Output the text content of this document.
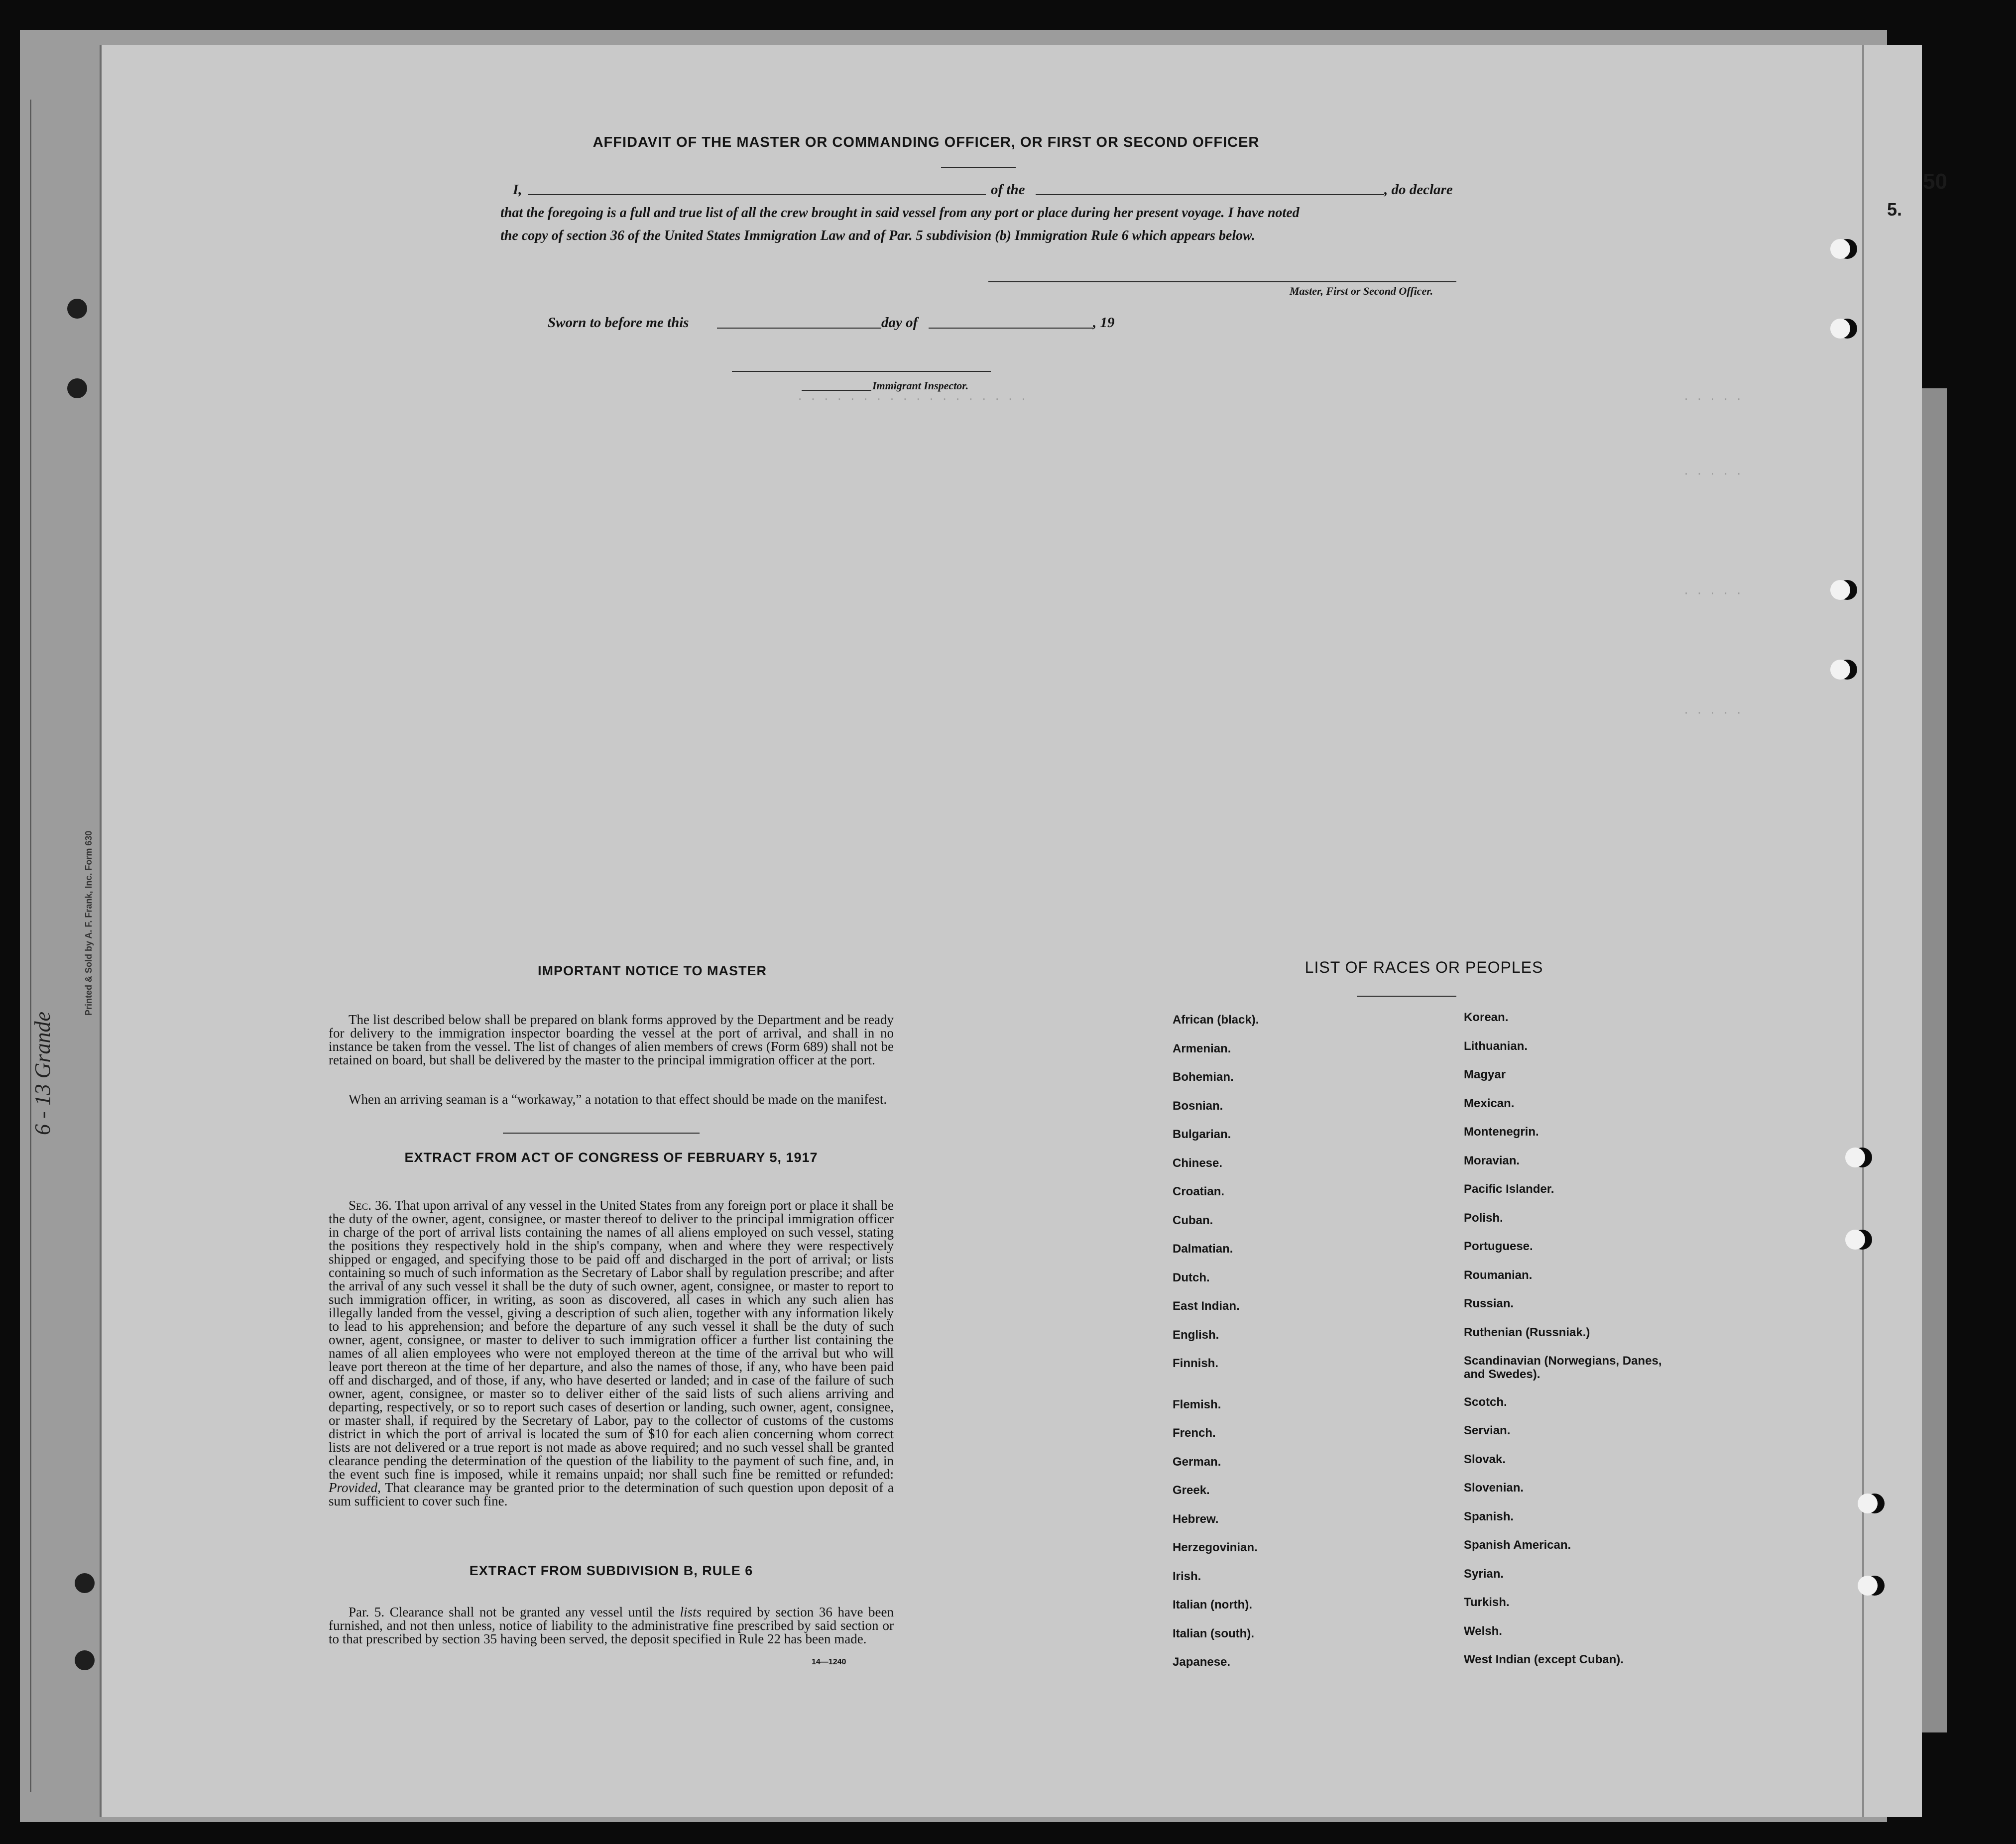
50
5.
6 - 13 Grande
Printed & Sold by A. F. Frank, Inc. Form 630
· · · · · · · · · · · · · · · · · ·	· · · · ·
· · · · ·
· · · · ·
· · · · ·
AFFIDAVIT OF THE MASTER OR COMMANDING OFFICER, OR FIRST OR SECOND OFFICER
I,	of the	, do declare
that the foregoing is a full and true list of all the crew brought in said vessel from any port or place during her present voyage. I have noted
the copy of section 36 of the United States Immigration Law and of Par. 5 subdivision (b) Immigration Rule 6 which appears below.
Master, First or Second Officer.
Sworn to before me this	day of	, 19
Immigrant Inspector.
IMPORTANT NOTICE TO MASTER
The list described below shall be prepared on blank forms approved by the Department and be ready for delivery to the immigration inspector boarding the vessel at the port of arrival, and shall in no instance be taken from the vessel. The list of changes of alien members of crews (Form 689) shall not be retained on board, but shall be delivered by the master to the principal immigration officer at the port.
When an arriving seaman is a “workaway,” a notation to that effect should be made on the manifest.
EXTRACT FROM ACT OF CONGRESS OF FEBRUARY 5, 1917
Sec. 36. That upon arrival of any vessel in the United States from any foreign port or place it shall be the duty of the owner, agent, consignee, or master thereof to deliver to the principal immigration officer in charge of the port of arrival lists containing the names of all aliens employed on such vessel, stating the positions they respectively hold in the ship's company, when and where they were respectively shipped or engaged, and specifying those to be paid off and discharged in the port of arrival; or lists containing so much of such information as the Secretary of Labor shall by regulation prescribe; and after the arrival of any such vessel it shall be the duty of such owner, agent, consignee, or master to report to such immigration officer, in writing, as soon as discovered, all cases in which any such alien has illegally landed from the vessel, giving a description of such alien, together with any information likely to lead to his apprehension; and before the departure of any such vessel it shall be the duty of such owner, agent, consignee, or master to deliver to such immigration officer a further list containing the names of all alien employees who were not employed thereon at the time of the arrival but who will leave port thereon at the time of her departure, and also the names of those, if any, who have been paid off and discharged, and of those, if any, who have deserted or landed; and in case of the failure of such owner, agent, consignee, or master so to deliver either of the said lists of such aliens arriving and departing, respectively, or so to report such cases of desertion or landing, such owner, agent, consignee, or master shall, if required by the Secretary of Labor, pay to the collector of customs of the customs district in which the port of arrival is located the sum of $10 for each alien concerning whom correct lists are not delivered or a true report is not made as above required; and no such vessel shall be granted clearance pending the determination of the question of the liability to the payment of such fine, and, in the event such fine is imposed, while it remains unpaid; nor shall such fine be remitted or refunded: Provided, That clearance may be granted prior to the determination of such question upon deposit of a sum sufficient to cover such fine.
EXTRACT FROM SUBDIVISION B, RULE 6
Par. 5. Clearance shall not be granted any vessel until the lists required by section 36 have been furnished, and not then unless, notice of liability to the administrative fine prescribed by said section or to that prescribed by section 35 having been served, the deposit specified in Rule 22 has been made.
14—1240
LIST OF RACES OR PEOPLES
African (black).
Armenian.
Bohemian.
Bosnian.
Bulgarian.
Chinese.
Croatian.
Cuban.
Dalmatian.
Dutch.
East Indian.
English.
Finnish.
Flemish.
French.
German.
Greek.
Hebrew.
Herzegovinian.
Irish.
Italian (north).
Italian (south).
Japanese.
Korean.
Lithuanian.
Magyar
Mexican.
Montenegrin.
Moravian.
Pacific Islander.
Polish.
Portuguese.
Roumanian.
Russian.
Ruthenian (Russniak.)
Scandinavian (Norwegians, Danes, and Swedes).
Scotch.
Servian.
Slovak.
Slovenian.
Spanish.
Spanish American.
Syrian.
Turkish.
Welsh.
West Indian (except Cuban).
